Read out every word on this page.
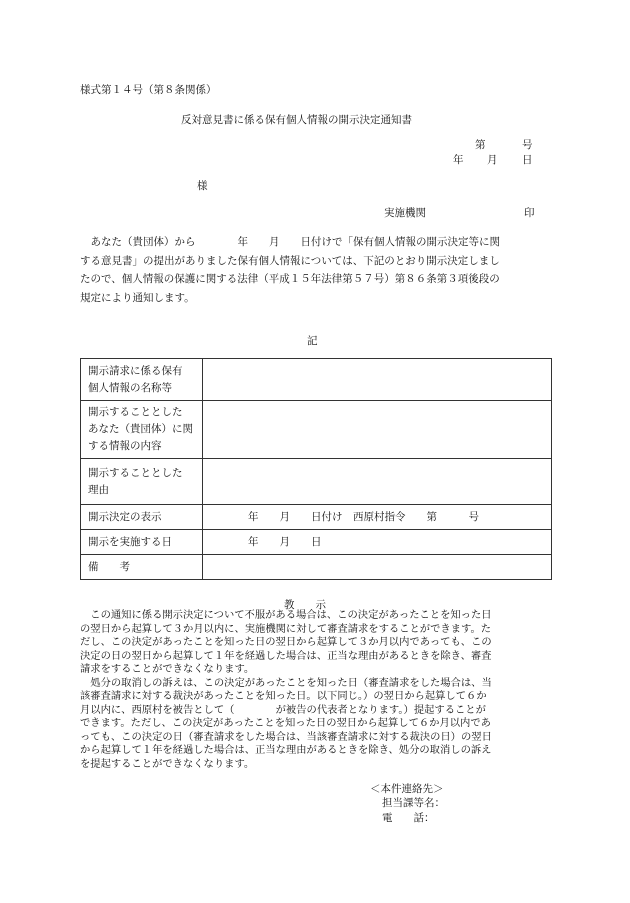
様式第１４号（第８条関係）
反対意見書に係る保有個人情報の開示決定通知書
第	号
年 月 日
様
実施機関	印
　あなた（貴団体）から　　　　年　　月　　日付けで「保有個人情報の開示決定等に関
する意見書」の提出がありました保有個人情報については、下記のとおり開示決定しまし
たので、個人情報の保護に関する法律（平成１５年法律第５７号）第８６条第３項後段の
規定により通知します。
記
開示請求に係る保有
個人情報の名称等	

開示することとした
あなた（貴団体）に関
する情報の内容	

開示することとした
理由	

開示決定の表示	年　　月　　日付け　西原村指令　　第　　　号

開示を実施する日	年　　月　　日

備　　考	

教　　示
　この通知に係る開示決定について不服がある場合は、この決定があったことを知った日
の翌日から起算して３か月以内に、実施機関に対して審査請求をすることができます。た
だし、この決定があったことを知った日の翌日から起算して３か月以内であっても、この
決定の日の翌日から起算して１年を経過した場合は、正当な理由があるときを除き、審査
請求をすることができなくなります。
　処分の取消しの訴えは、この決定があったことを知った日（審査請求をした場合は、当
該審査請求に対する裁決があったことを知った日。以下同じ。）の翌日から起算して６か
月以内に、西原村を被告として（　　　　が被告の代表者となります。）提起することが
できます。ただし、この決定があったことを知った日の翌日から起算して６か月以内であ
っても、この決定の日（審査請求をした場合は、当該審査請求に対する裁決の日）の翌日
から起算して１年を経過した場合は、正当な理由があるときを除き、処分の取消しの訴え
を提起することができなくなります。
＜本件連絡先＞
担当課等名：
電　　話：
